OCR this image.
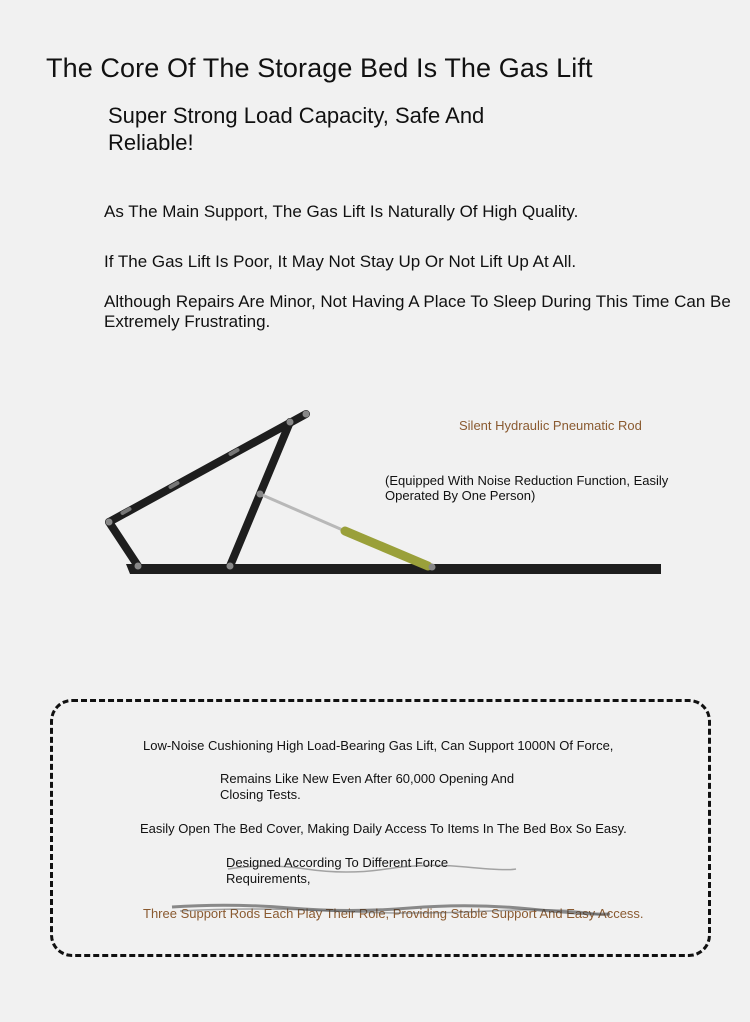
The Core Of The Storage Bed Is The Gas Lift
Super Strong Load Capacity, Safe And Reliable!
As The Main Support, The Gas Lift Is Naturally Of High Quality.
If The Gas Lift Is Poor, It May Not Stay Up Or Not Lift Up At All.
Although Repairs Are Minor, Not Having A Place To Sleep During This Time Can Be Extremely Frustrating.
Silent Hydraulic Pneumatic Rod
(Equipped With Noise Reduction Function, Easily Operated By One Person)
Low-Noise Cushioning High Load-Bearing Gas Lift, Can Support 1000N Of Force,
Remains Like New Even After 60,000 Opening And Closing Tests.
Easily Open The Bed Cover, Making Daily Access To Items In The Bed Box So Easy.
Designed According To Different Force Requirements,
Three Support Rods Each Play Their Role, Providing Stable Support And Easy Access.
